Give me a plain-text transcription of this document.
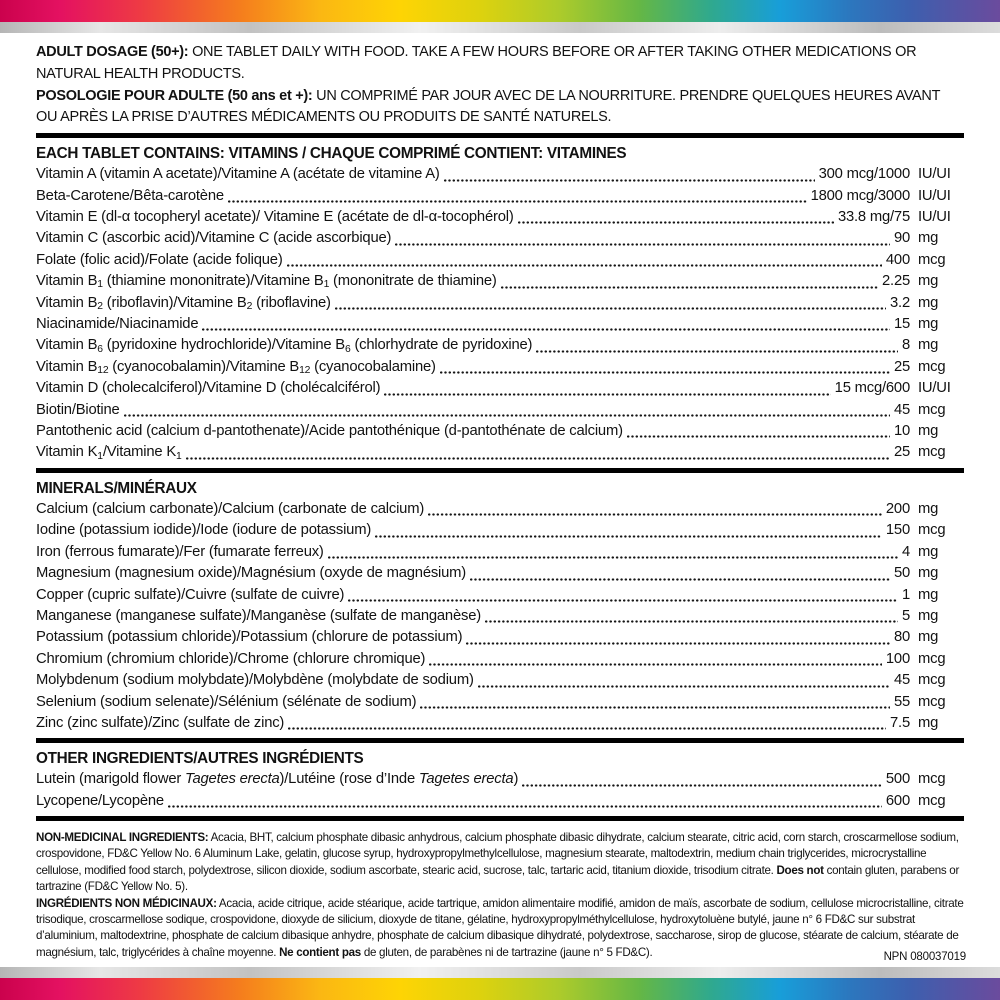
ADULT DOSAGE (50+): ONE TABLET DAILY WITH FOOD. TAKE A FEW HOURS BEFORE OR AFTER TAKING OTHER MEDICATIONS OR NATURAL HEALTH PRODUCTS.

POSOLOGIE POUR ADULTE (50 ans et +): UN COMPRIMÉ PAR JOUR AVEC DE LA NOURRITURE. PRENDRE QUELQUES HEURES AVANT OU APRÈS LA PRISE D’AUTRES MÉDICAMENTS OU PRODUITS DE SANTÉ NATURELS.

EACH TABLET CONTAINS: VITAMINS / CHAQUE COMPRIMÉ CONTIENT: VITAMINES
Vitamin A (vitamin A acetate)/Vitamine A (acétate de vitamine A)	300 mcg/1000 IU/UI
Beta-Carotene/Bêta-carotène	1800 mcg/3000 IU/UI
Vitamin E (dl-α tocopheryl acetate)/ Vitamine E (acétate de dl-α-tocophérol)	33.8 mg/75 IU/UI
Vitamin C (ascorbic acid)/Vitamine C (acide ascorbique)	90 mg
Folate (folic acid)/Folate (acide folique)	400 mcg
Vitamin $B_1$ (thiamine mononitrate)/Vitamine $B_1$ (mononitrate de thiamine)	2.25 mg
Vitamin $B_2$ (riboflavin)/Vitamine $B_2$ (riboflavine)	3.2 mg
Niacinamide/Niacinamide	15 mg
Vitamin $B_6$ (pyridoxine hydrochloride)/Vitamine $B_6$ (chlorhydrate de pyridoxine)	8 mg
Vitamin $B_{12}$ (cyanocobalamin)/Vitamine $B_{12}$ (cyanocobalamine)	25 mcg
Vitamin D (cholecalciferol)/Vitamine D (cholécalciférol)	15 mcg/600 IU/UI
Biotin/Biotine	45 mcg
Pantothenic acid (calcium d-pantothenate)/Acide pantothénique (d-pantothénate de calcium)	10 mg
Vitamin $K_1$/Vitamine $K_1$	25 mcg
MINERALS/MINÉRAUX
Calcium (calcium carbonate)/Calcium (carbonate de calcium)	200 mg
Iodine (potassium iodide)/Iode (iodure de potassium)	150 mcg
Iron (ferrous fumarate)/Fer (fumarate ferreux)	4 mg
Magnesium (magnesium oxide)/Magnésium (oxyde de magnésium)	50 mg
Copper (cupric sulfate)/Cuivre (sulfate de cuivre)	1 mg
Manganese (manganese sulfate)/Manganèse (sulfate de manganèse)	5 mg
Potassium (potassium chloride)/Potassium (chlorure de potassium)	80 mg
Chromium (chromium chloride)/Chrome (chlorure chromique)	100 mcg
Molybdenum (sodium molybdate)/Molybdène (molybdate de sodium)	45 mcg
Selenium (sodium selenate)/Sélénium (sélénate de sodium)	55 mcg
Zinc (zinc sulfate)/Zinc (sulfate de zinc)	7.5 mg
OTHER INGREDIENTS/AUTRES INGRÉDIENTS
Lutein (marigold flower Tagetes erecta)/Lutéine (rose d’Inde Tagetes erecta)	500 mcg
Lycopene/Lycopène	600 mcg

NON-MEDICINAL INGREDIENTS: Acacia, BHT, calcium phosphate dibasic anhydrous, calcium phosphate dibasic dihydrate, calcium stearate, citric acid, corn starch, croscarmellose sodium, crospovidone, FD&C Yellow No. 6 Aluminum Lake, gelatin, glucose syrup, hydroxypropylmethylcellulose, magnesium stearate, maltodextrin, medium chain triglycerides, microcrystalline cellulose, modified food starch, polydextrose, silicon dioxide, sodium ascorbate, stearic acid, sucrose, talc, tartaric acid, titanium dioxide, trisodium citrate. Does not contain gluten, parabens or tartrazine (FD&C Yellow No. 5).

INGRÉDIENTS NON MÉDICINAUX: Acacia, acide citrique, acide stéarique, acide tartrique, amidon alimentaire modifié, amidon de maïs, ascorbate de sodium, cellulose microcristalline, citrate trisodique, croscarmellose sodique, crospovidone, dioxyde de silicium, dioxyde de titane, gélatine, hydroxypropylméthylcellulose, hydroxytoluène butylé, jaune n° 6 FD&C sur substrat d’aluminium, maltodextrine, phosphate de calcium dibasique anhydre, phosphate de calcium dibasique dihydraté, polydextrose, saccharose, sirop de glucose, stéarate de calcium, stéarate de magnésium, talc, triglycérides à chaîne moyenne. Ne contient pas de gluten, de parabènes ni de tartrazine (jaune n° 5 FD&C).	NPN 080037019
